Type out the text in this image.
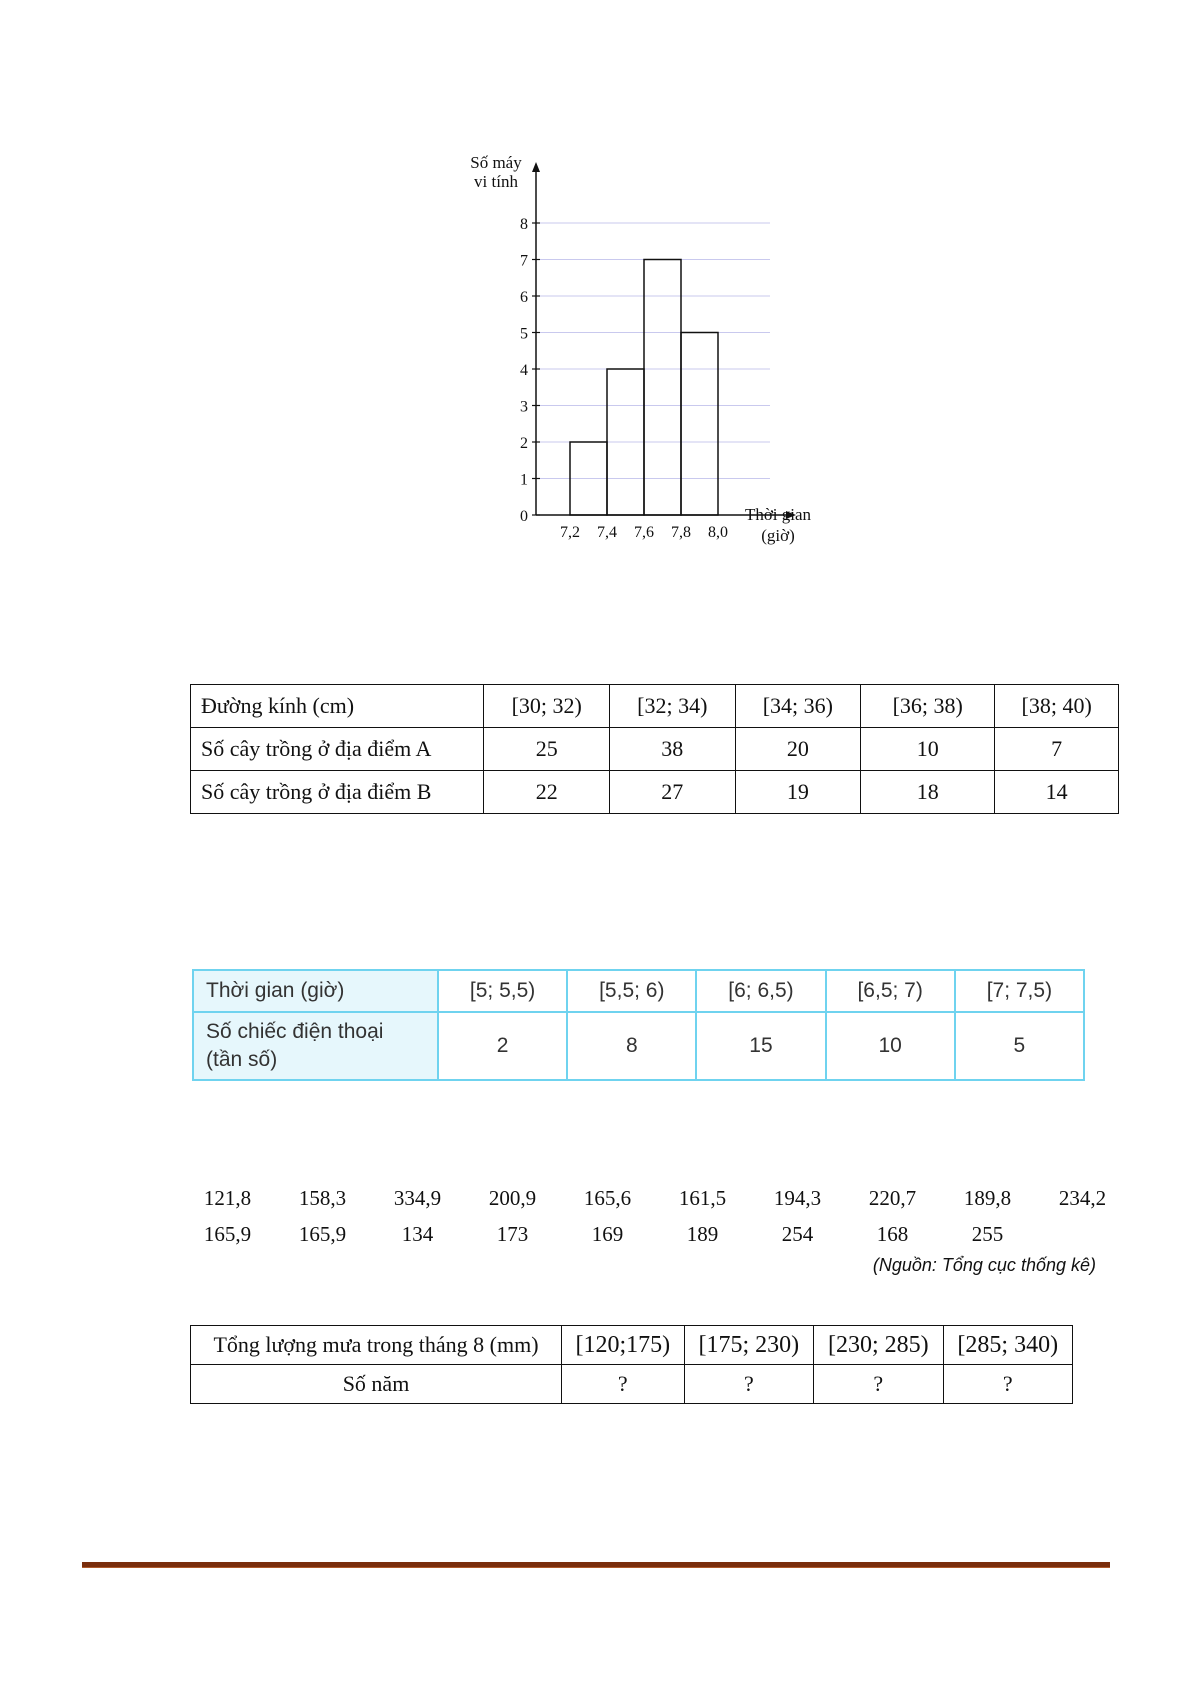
0
1
2
3
4
5
6
7
8
7,2 7,4 7,6 7,8 8,0
Số máy
vi tính
Thời gian
(giờ)
Đường kính (cm)	[30; 32)	[32; 34)	[34; 36)	[36; 38)	[38; 40)
Số cây trồng ở địa điểm A	25	38	20	10	7
Số cây trồng ở địa điểm B	22	27	19	18	14
Thời gian (giờ)	[5; 5,5)	[5,5; 6)	[6; 6,5)	[6,5; 7)	[7; 7,5)

Số chiếc điện thoại
(tần số)	2	8	15	10	5
121,8	158,3	334,9	200,9	165,6	161,5	194,3	220,7	189,8	234,2
165,9	165,9	134	173	169	189	254	168	255
(Nguồn: Tổng cục thống kê)
Tổng lượng mưa trong tháng 8 (mm)	[120;175)	[175; 230)	[230; 285)	[285; 340)
Số năm	?	?	?	?
